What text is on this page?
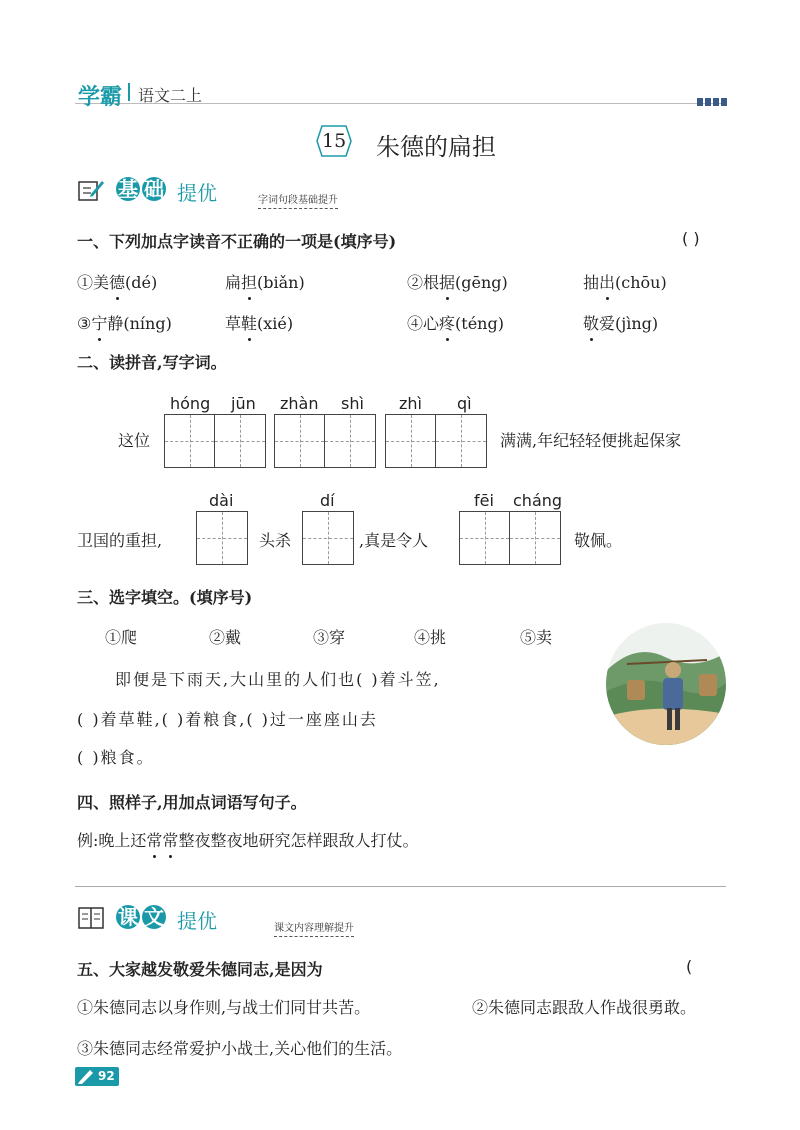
学霸 语文二上
15 朱德的扁担
基 础 提优	字词句段基础提升
一、下列加点字读音不正确的一项是(填序号)	( )
①美德(dé)	扁担(biǎn)	②根据(gēng)	抽出(chōu)
③宁静(níng)	草鞋(xié)	④心疼(téng)	敬爱(jìng)
二、读拼音,写字词。
hóng jūn zhàn shì zhì qì
这位	满满,年纪轻轻便挑起保家
dài	dí	fēi cháng
卫国的重担,	头杀	,真是令人	敬佩。
三、选字填空。(填序号)
①爬	②戴	③穿	④挑	⑤卖
即便是下雨天,大山里的人们也( )着斗笠,
( )着草鞋,( )着粮食,( )过一座座山去
( )粮食。
四、照样子,用加点词语写句子。
例:晚上还常常整夜整夜地研究怎样跟敌人打仗。
课 文 提优	课文内容理解提升
五、大家越发敬爱朱德同志,是因为	(
①朱德同志以身作则,与战士们同甘共苦。	②朱德同志跟敌人作战很勇敢。
③朱德同志经常爱护小战士,关心他们的生活。
92
